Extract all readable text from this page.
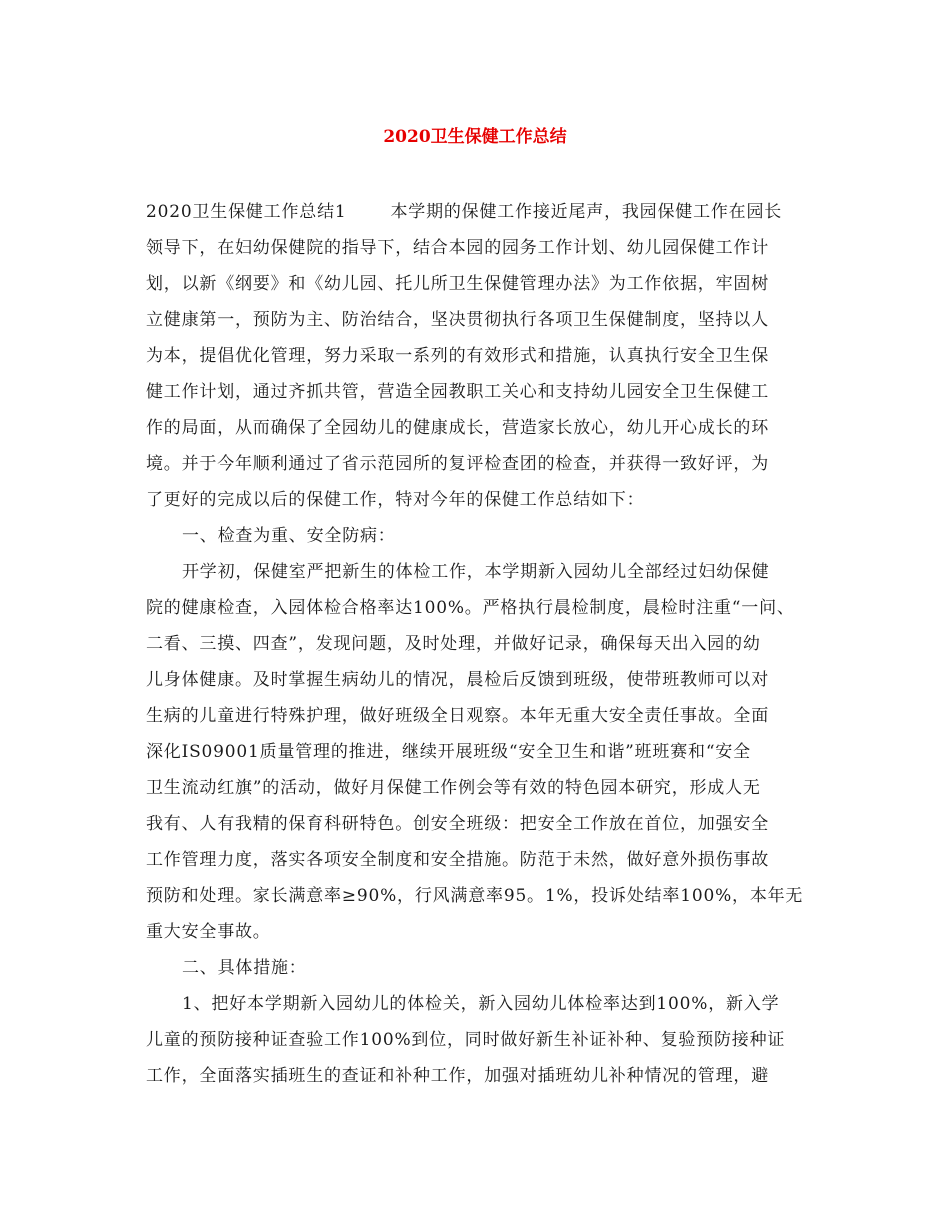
2020卫生保健工作总结
2020卫生保健工作总结1	本学期的保健工作接近尾声，我园保健工作在园长
领导下，在妇幼保健院的指导下，结合本园的园务工作计划、幼儿园保健工作计
划，以新《纲要》和《幼儿园、托儿所卫生保健管理办法》为工作依据，牢固树
立健康第一，预防为主、防治结合，坚决贯彻执行各项卫生保健制度，坚持以人
为本，提倡优化管理，努力采取一系列的有效形式和措施，认真执行安全卫生保
健工作计划，通过齐抓共管，营造全园教职工关心和支持幼儿园安全卫生保健工
作的局面，从而确保了全园幼儿的健康成长，营造家长放心，幼儿开心成长的环
境。并于今年顺利通过了省示范园所的复评检查团的检查，并获得一致好评，为
了更好的完成以后的保健工作，特对今年的保健工作总结如下：
一、检查为重、安全防病：
开学初，保健室严把新生的体检工作，本学期新入园幼儿全部经过妇幼保健
院的健康检查，入园体检合格率达100%。严格执行晨检制度，晨检时注重“一问、
二看、三摸、四查”，发现问题，及时处理，并做好记录，确保每天出入园的幼
儿身体健康。及时掌握生病幼儿的情况，晨检后反馈到班级，使带班教师可以对
生病的儿童进行特殊护理，做好班级全日观察。本年无重大安全责任事故。全面
深化IS09001质量管理的推进，继续开展班级“安全卫生和谐”班班赛和“安全
卫生流动红旗”的活动，做好月保健工作例会等有效的特色园本研究，形成人无
我有、人有我精的保育科研特色。创安全班级：把安全工作放在首位，加强安全
工作管理力度，落实各项安全制度和安全措施。防范于未然，做好意外损伤事故
预防和处理。家长满意率≥90%，行风满意率95。1%，投诉处结率100%，本年无
重大安全事故。
二、具体措施：
1、把好本学期新入园幼儿的体检关，新入园幼儿体检率达到100%，新入学
儿童的预防接种证查验工作100%到位，同时做好新生补证补种、复验预防接种证
工作，全面落实插班生的查证和补种工作，加强对插班幼儿补种情况的管理，避
